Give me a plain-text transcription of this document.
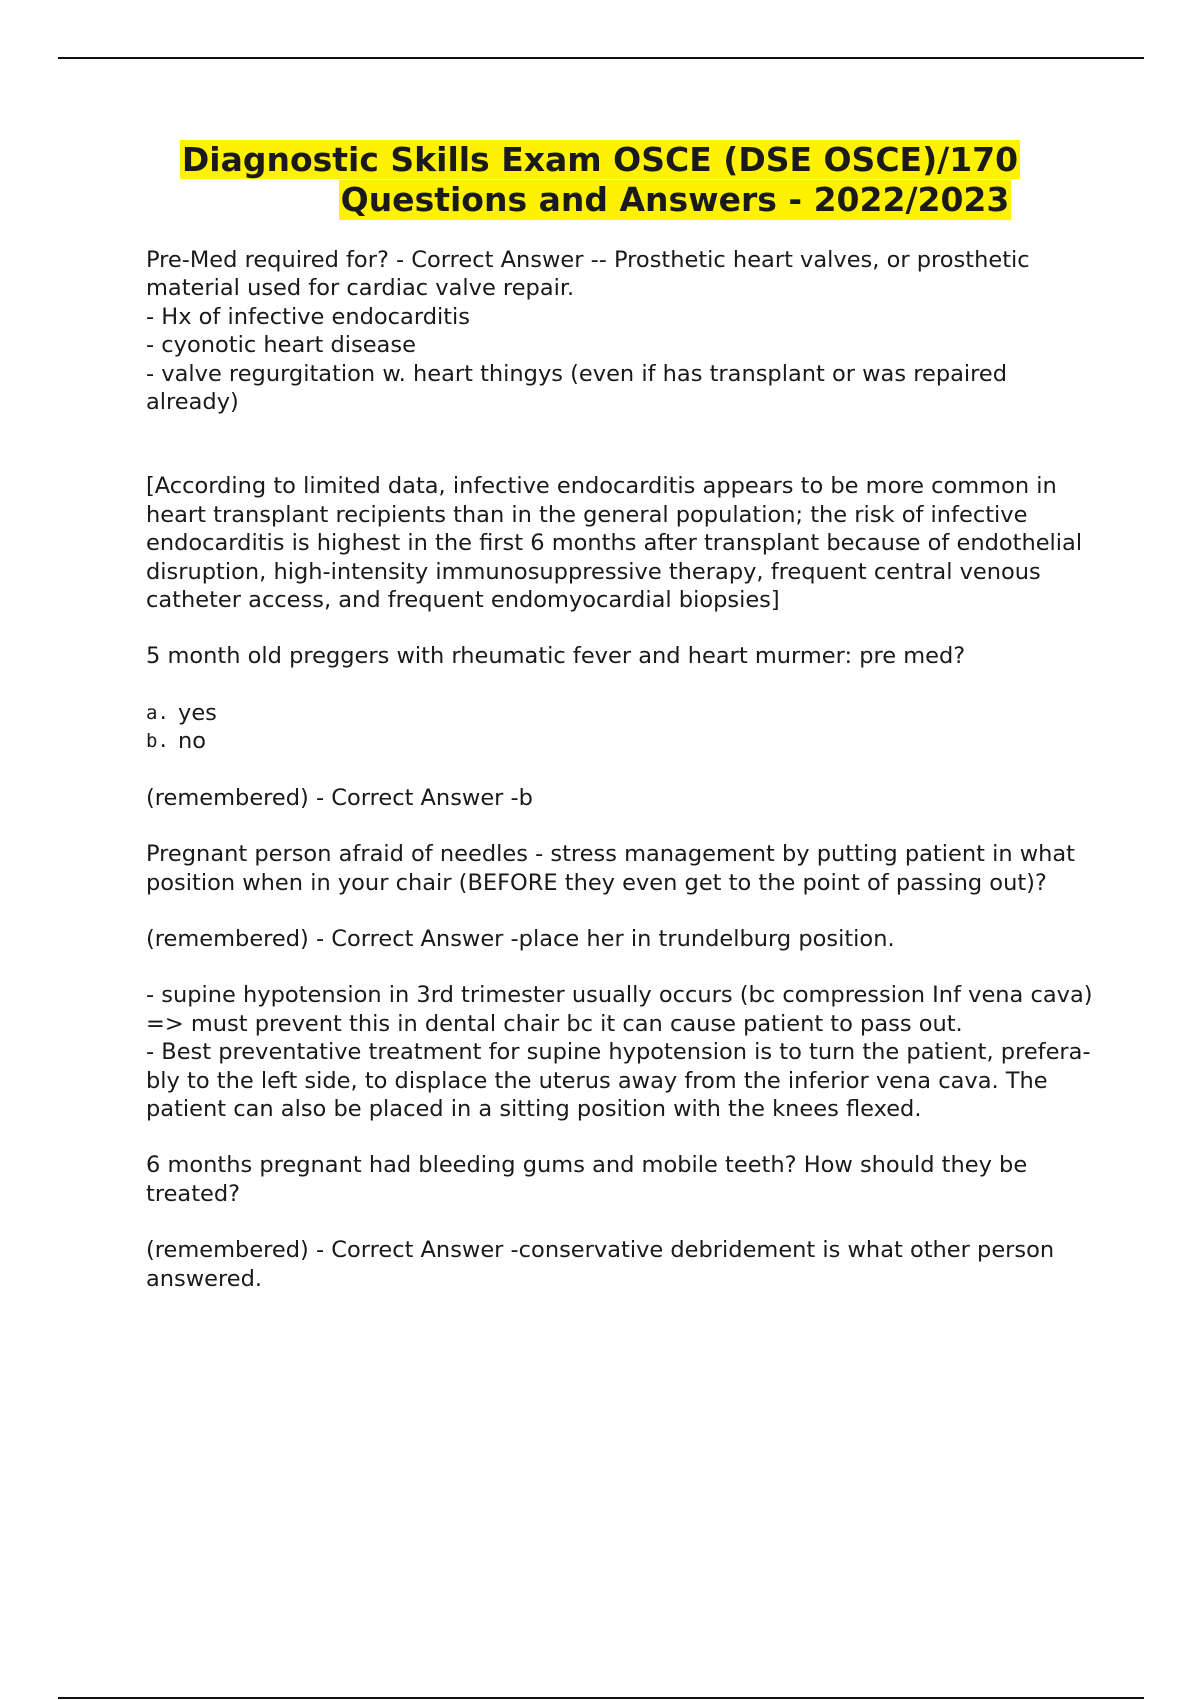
Diagnostic Skills Exam OSCE (DSE OSCE)/170
Questions and Answers - 2022/2023

Pre-Med required for? - Correct Answer -- Prosthetic heart valves, or prosthetic material used for cardiac valve repair.

- Hx of infective endocarditis

- cyonotic heart disease

- valve regurgitation w. heart thingys (even if has transplant or was repaired already)

[According to limited data, infective endocarditis appears to be more common in heart transplant recipients than in the general population; the risk of infective endocarditis is highest in the first 6 months after transplant because of endothelial disruption, high-intensity immunosuppressive therapy, frequent central venous catheter access, and frequent endomyocardial biopsies]

5 month old preggers with rheumatic fever and heart murmer: pre med?

a. yes
b. no

(remembered) - Correct Answer -b

Pregnant person afraid of needles - stress management by putting patient in what position when in your chair (BEFORE they even get to the point of passing out)?

(remembered) - Correct Answer -place her in trundelburg position.

- supine hypotension in 3rd trimester usually occurs (bc compression Inf vena cava) => must prevent this in dental chair bc it can cause patient to pass out.

- Best preventative treatment for supine hypotension is to turn the patient, prefera-bly to the left side, to displace the uterus away from the inferior vena cava. The patient can also be placed in a sitting position with the knees flexed.

6 months pregnant had bleeding gums and mobile teeth? How should they be treated?

(remembered) - Correct Answer -conservative debridement is what other person answered.
